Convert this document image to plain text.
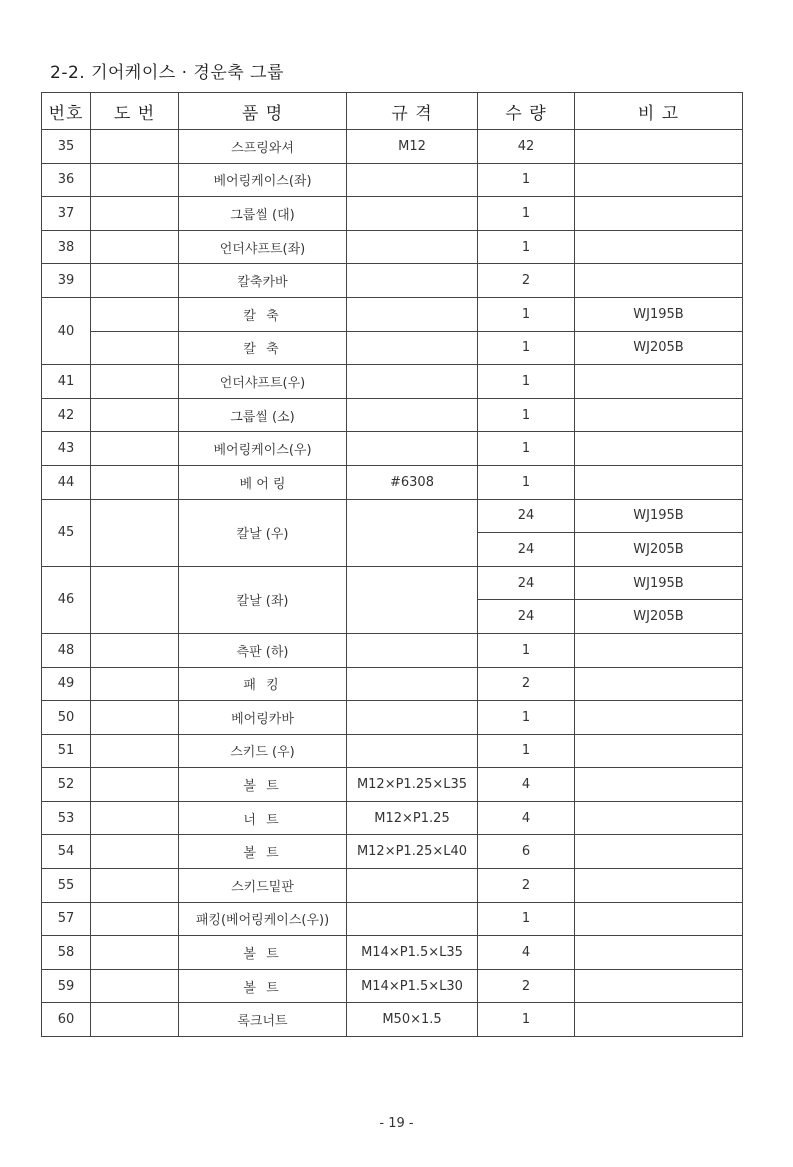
2-2. 기어케이스 · 경운축 그룹
번호	도 번	품 명	규 격	수 량	비 고
35		스프링와셔	M12	42	
36		베어링케이스(좌)		1	
37		그룹씰 (대)		1	
38		언더샤프트(좌)		1	
39		칼축카바		2	
40		칼 축		1	WJ195B
		칼 축		1	WJ205B
41		언더샤프트(우)		1	
42		그룹씰 (소)		1	
43		베어링케이스(우)		1	
44		베 어 링	#6308	1	
45		칼날 (우)		24	WJ195B
				24	WJ205B
46		칼날 (좌)		24	WJ195B
				24	WJ205B
48		측판 (하)		1	
49		패 킹		2	
50		베어링카바		1	
51		스키드 (우)		1	
52		볼 트	M12×P1.25×L35	4	
53		너 트	M12×P1.25	4	
54		볼 트	M12×P1.25×L40	6	
55		스키드밑판		2	
57		패킹(베어링케이스(우))		1	
58		볼 트	M14×P1.5×L35	4	
59		볼 트	M14×P1.5×L30	2	
60		록크너트	M50×1.5	1	
- 19 -
